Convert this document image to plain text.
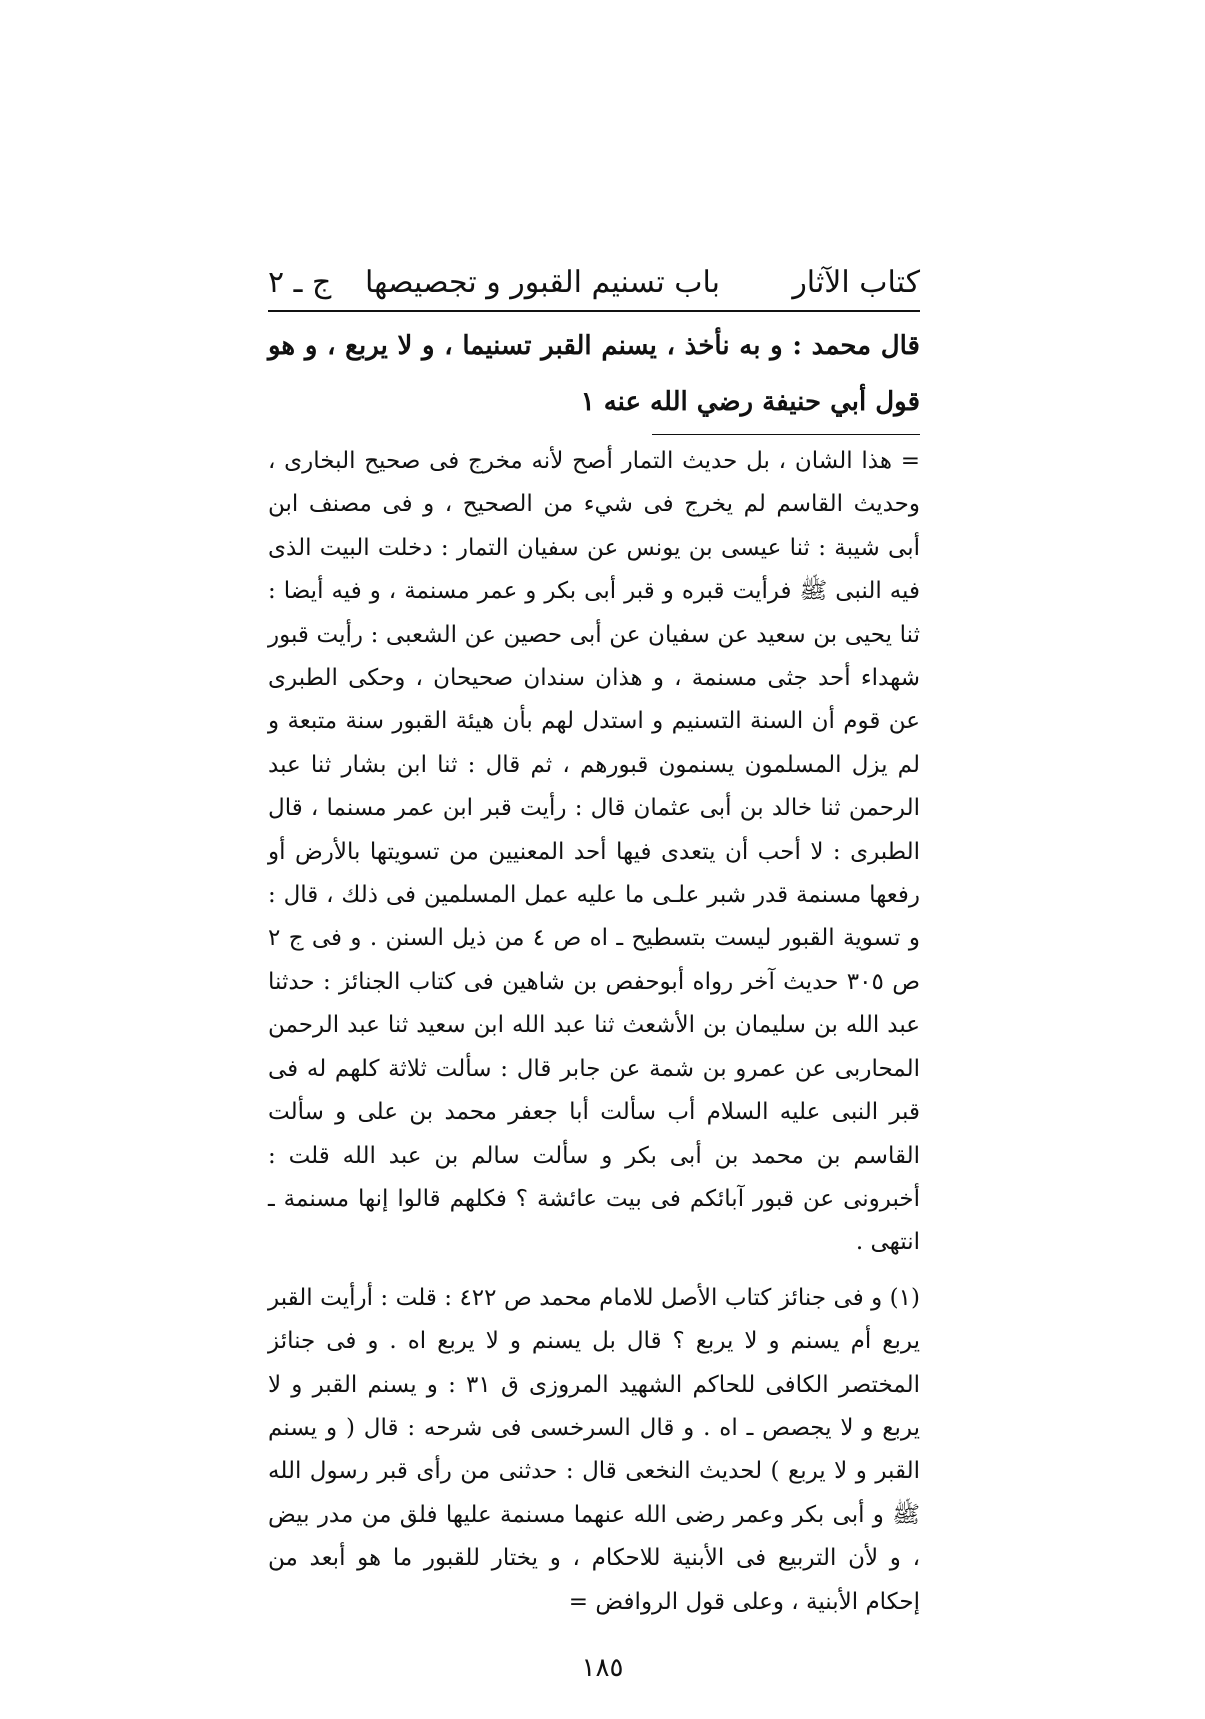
كتاب الآثار
باب تسنيم القبور و تجصيصها
ج ـ ٢

قال محمد : و به نأخذ ، يسنم القبر تسنيما ، و لا يربع ، و هو قول أبي حنيفة رضي الله عنه ١

= هذا الشان ، بل حديث التمار أصح لأنه مخرج فى صحيح البخارى ، وحديث القاسم لم يخرج فى شيء من الصحيح ، و فى مصنف ابن أبى شيبة : ثنا عيسى بن يونس عن سفيان التمار : دخلت البيت الذى فيه النبى ﷺ فرأيت قبره و قبر أبى بكر و عمر مسنمة ، و فيه أيضا : ثنا يحيى بن سعيد عن سفيان عن أبى حصين عن الشعبى : رأيت قبور شهداء أحد جثى مسنمة ، و هذان سندان صحيحان ، وحكى الطبرى عن قوم أن السنة التسنيم و استدل لهم بأن هيئة القبور سنة متبعة و لم يزل المسلمون يسنمون قبورهم ، ثم قال : ثنا ابن بشار ثنا عبد الرحمن ثنا خالد بن أبى عثمان قال : رأيت قبر ابن عمر مسنما ، قال الطبرى : لا أحب أن يتعدى فيها أحد المعنيين من تسويتها بالأرض أو رفعها مسنمة قدر شبر علـى ما عليه عمل المسلمين فى ذلك ، قال : و تسوية القبور ليست بتسطيح ـ اه ص ٤ من ذيل السنن . و فى ج ٢ ص ٣٠٥ حديث آخر رواه أبوحفص بن شاهين فى كتاب الجنائز : حدثنا عبد الله بن سليمان بن الأشعث ثنا عبد الله ابن سعيد ثنا عبد الرحمن المحاربى عن عمرو بن شمة عن جابر قال : سألت ثلاثة كلهم له فى قبر النبى عليه السلام أب سألت أبا جعفر محمد بن على و سألت القاسم بن محمد بن أبى بكر و سألت سالم بن عبد الله قلت : أخبرونى عن قبور آبائكم فى بيت عائشة ؟ فكلهم قالوا إنها مسنمة ـ انتهى .

(١) و فى جنائز كتاب الأصل للامام محمد ص ٤٢٢ : قلت : أرأيت القبر يربع أم يسنم و لا يربع ؟ قال بل يسنم و لا يربع اه . و فى جنائز المختصر الكافى للحاكم الشهيد المروزى ق ٣١ : و يسنم القبر و لا يربع و لا يجصص ـ اه . و قال السرخسى فى شرحه : قال ( و يسنم القبر و لا يربع ) لحديث النخعى قال : حدثنى من رأى قبر رسول الله ﷺ و أبى بكر وعمر رضى الله عنهما مسنمة عليها فلق من مدر بيض ، و لأن التربيع فى الأبنية للاحكام ، و يختار للقبور ما هو أبعد من إحكام الأبنية ، وعلى قول الروافض =

١٨٥
